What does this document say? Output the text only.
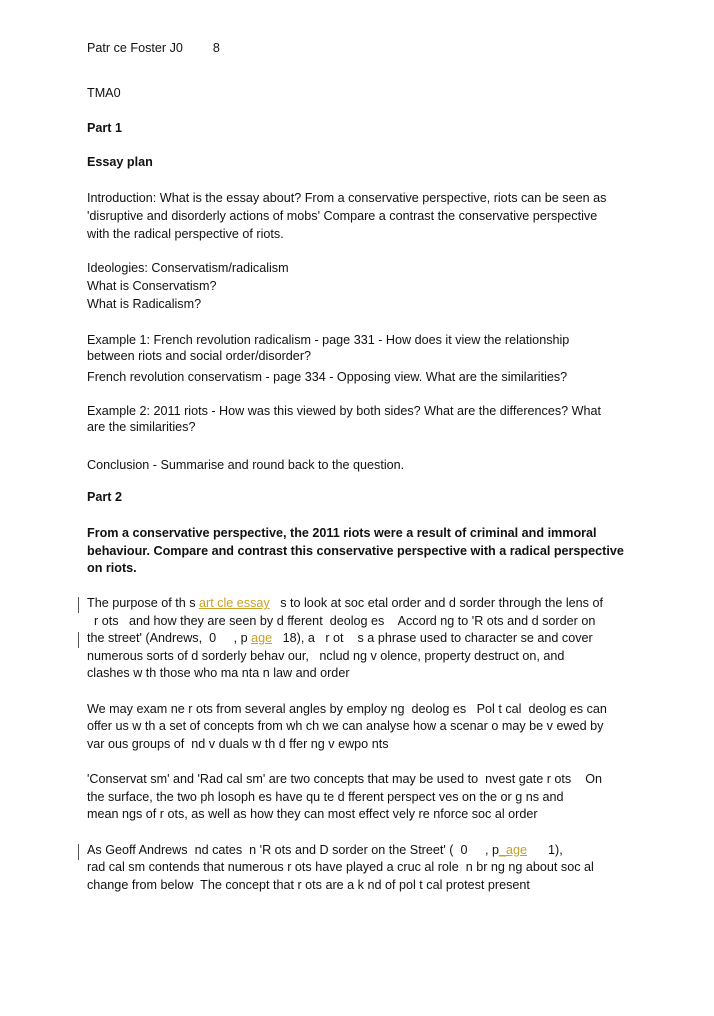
Patr ce Foster J0 8
TMA0
Part 1
Essay plan
Introduction: What is the essay about? From a conservative perspective, riots can be seen as
'disruptive and disorderly actions of mobs' Compare a contrast the conservative perspective
with the radical perspective of riots.
Ideologies: Conservatism/radicalism
What is Conservatism?
What is Radicalism?
Example 1: French revolution radicalism - page 331 - How does it view the relationship
between riots and social order/disorder?
French revolution conservatism - page 334 - Opposing view. What are the similarities?
Example 2: 2011 riots - How was this viewed by both sides? What are the differences? What
are the similarities?
Conclusion - Summarise and round back to the question.
Part 2
From a conservative perspective, the 2011 riots were a result of criminal and immoral
behaviour. Compare and contrast this conservative perspective with a radical perspective
on riots.
The purpose of th s art cle essay   s to look at soc etal order and d sorder through the lens of
r ots   and how they are seen by d fferent  deolog es    Accord ng to 'R ots and d sorder on
the street' (Andrews,  0     , p age   18), a   r ot    s a phrase used to character se and cover
numerous sorts of d sorderly behav our,   nclud ng v olence, property destruct on, and
clashes w th those who ma nta n law and order
We may exam ne r ots from several angles by employ ng  deolog es   Pol t cal  deolog es can
offer us w th a set of concepts from wh ch we can analyse how a scenar o may be v ewed by
var ous groups of  nd v duals w th d ffer ng v ewpo nts
'Conservat sm' and 'Rad cal sm' are two concepts that may be used to  nvest gate r ots    On
the surface, the two ph losoph es have qu te d fferent perspect ves on the or g ns and
mean ngs of r ots, as well as how they can most effect vely re nforce soc al order
As Geoff Andrews  nd cates  n 'R ots and D sorder on the Street' (  0     , p_age      1),
rad cal sm contends that numerous r ots have played a cruc al role  n br ng ng about soc al
change from below  The concept that r ots are a k nd of pol t cal protest present
